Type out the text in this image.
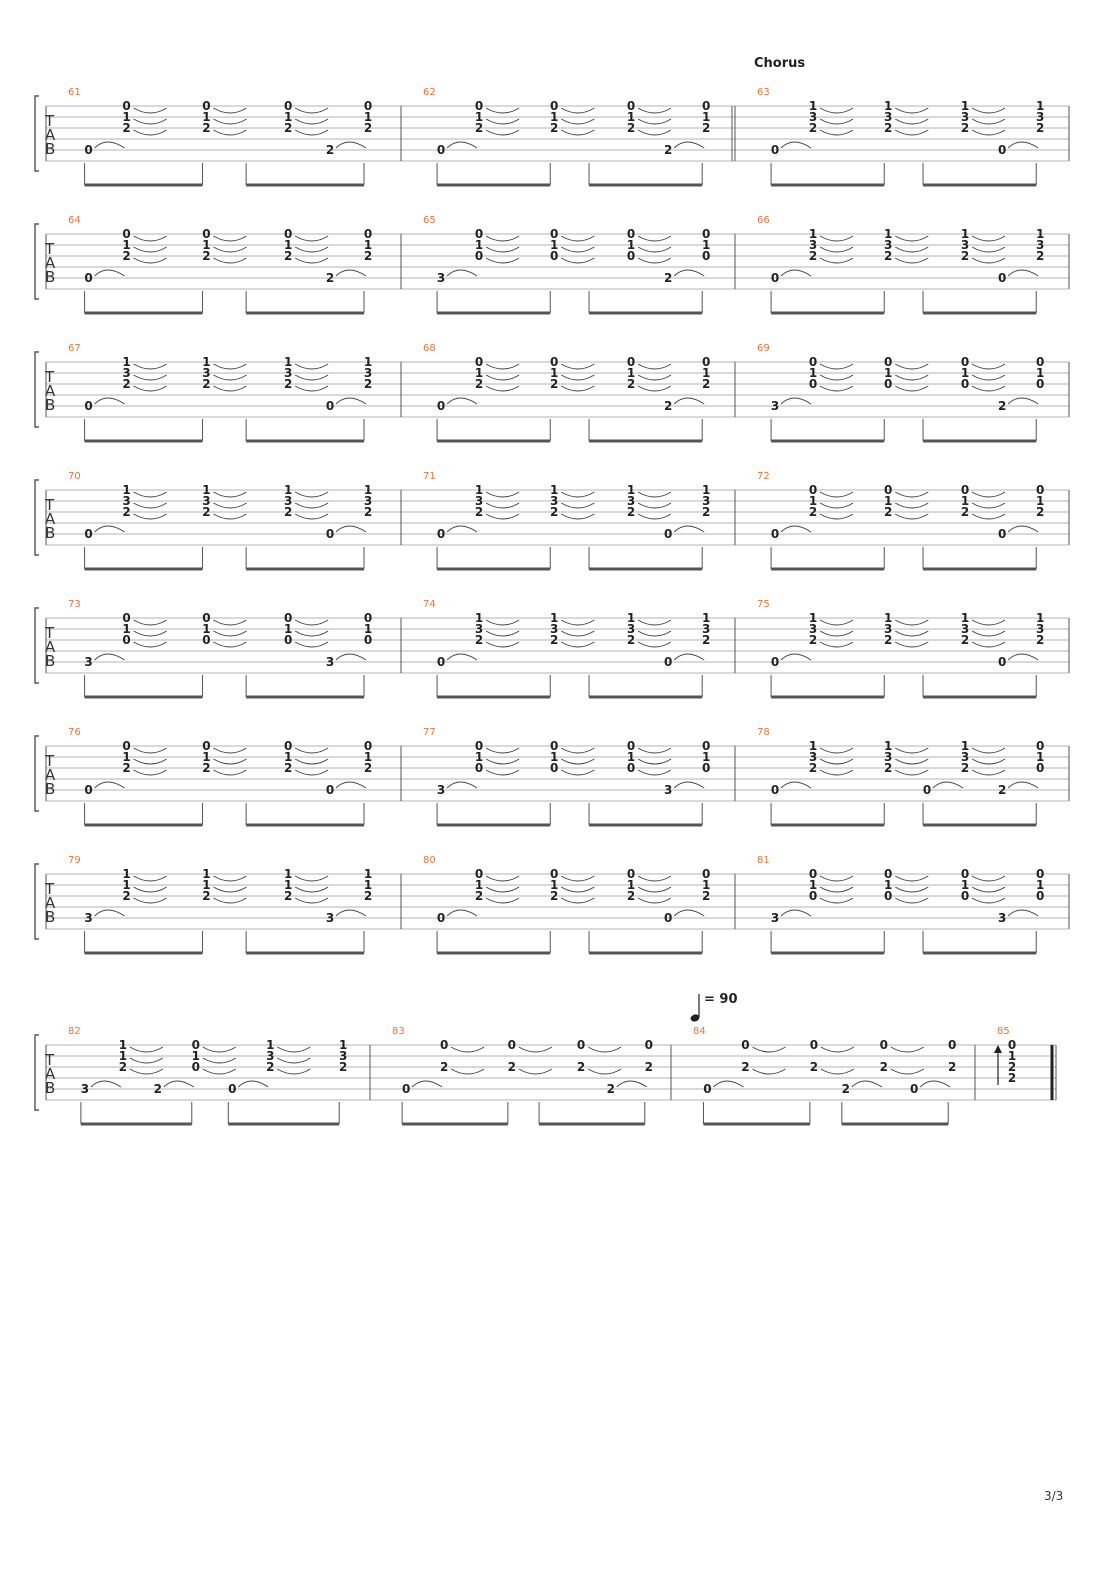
Chorus
= 90
3/3
T
A
B
61
0
1
2
0
0
1
2
0
1
2
0
1
2
2
62
0
1
2
0
0
1
2
0
1
2
0
1
2
2
63
1
3
2
0
1
3
2
1
3
2
1
3
2
0
T
A
B
64
0
1
2
0
0
1
2
0
1
2
0
1
2
2
65
0
1
0
3
0
1
0
0
1
0
0
1
0
2
66
1
3
2
0
1
3
2
1
3
2
1
3
2
0
T
A
B
67
1
3
2
0
1
3
2
1
3
2
1
3
2
0
68
0
1
2
0
0
1
2
0
1
2
0
1
2
2
69
0
1
0
3
0
1
0
0
1
0
0
1
0
2
T
A
B
70
1
3
2
0
1
3
2
1
3
2
1
3
2
0
71
1
3
2
0
1
3
2
1
3
2
1
3
2
0
72
0
1
2
0
0
1
2
0
1
2
0
1
2
0
T
A
B
73
0
1
0
3
0
1
0
0
1
0
0
1
0
3
74
1
3
2
0
1
3
2
1
3
2
1
3
2
0
75
1
3
2
0
1
3
2
1
3
2
1
3
2
0
T
A
B
76
0
1
2
0
0
1
2
0
1
2
0
1
2
0
77
0
1
0
3
0
1
0
0
1
0
0
1
0
3
78
1
3
2
0
1
3
2
1
3
2
0
0
1
0
2
T
A
B
79
1
1
2
3
1
1
2
1
1
2
1
1
2
3
80
0
1
2
0
0
1
2
0
1
2
0
1
2
0
81
0
1
0
3
0
1
0
0
1
0
0
1
0
3
T
A
B
82
1
1
2
3
0
1
0
2
1
3
2
0
1
3
2
83
0
2
0
0
2
0
2
0
2
2
84
0
2
0
0
2
0
2
2
0
2
0
85
0
1
2
2
